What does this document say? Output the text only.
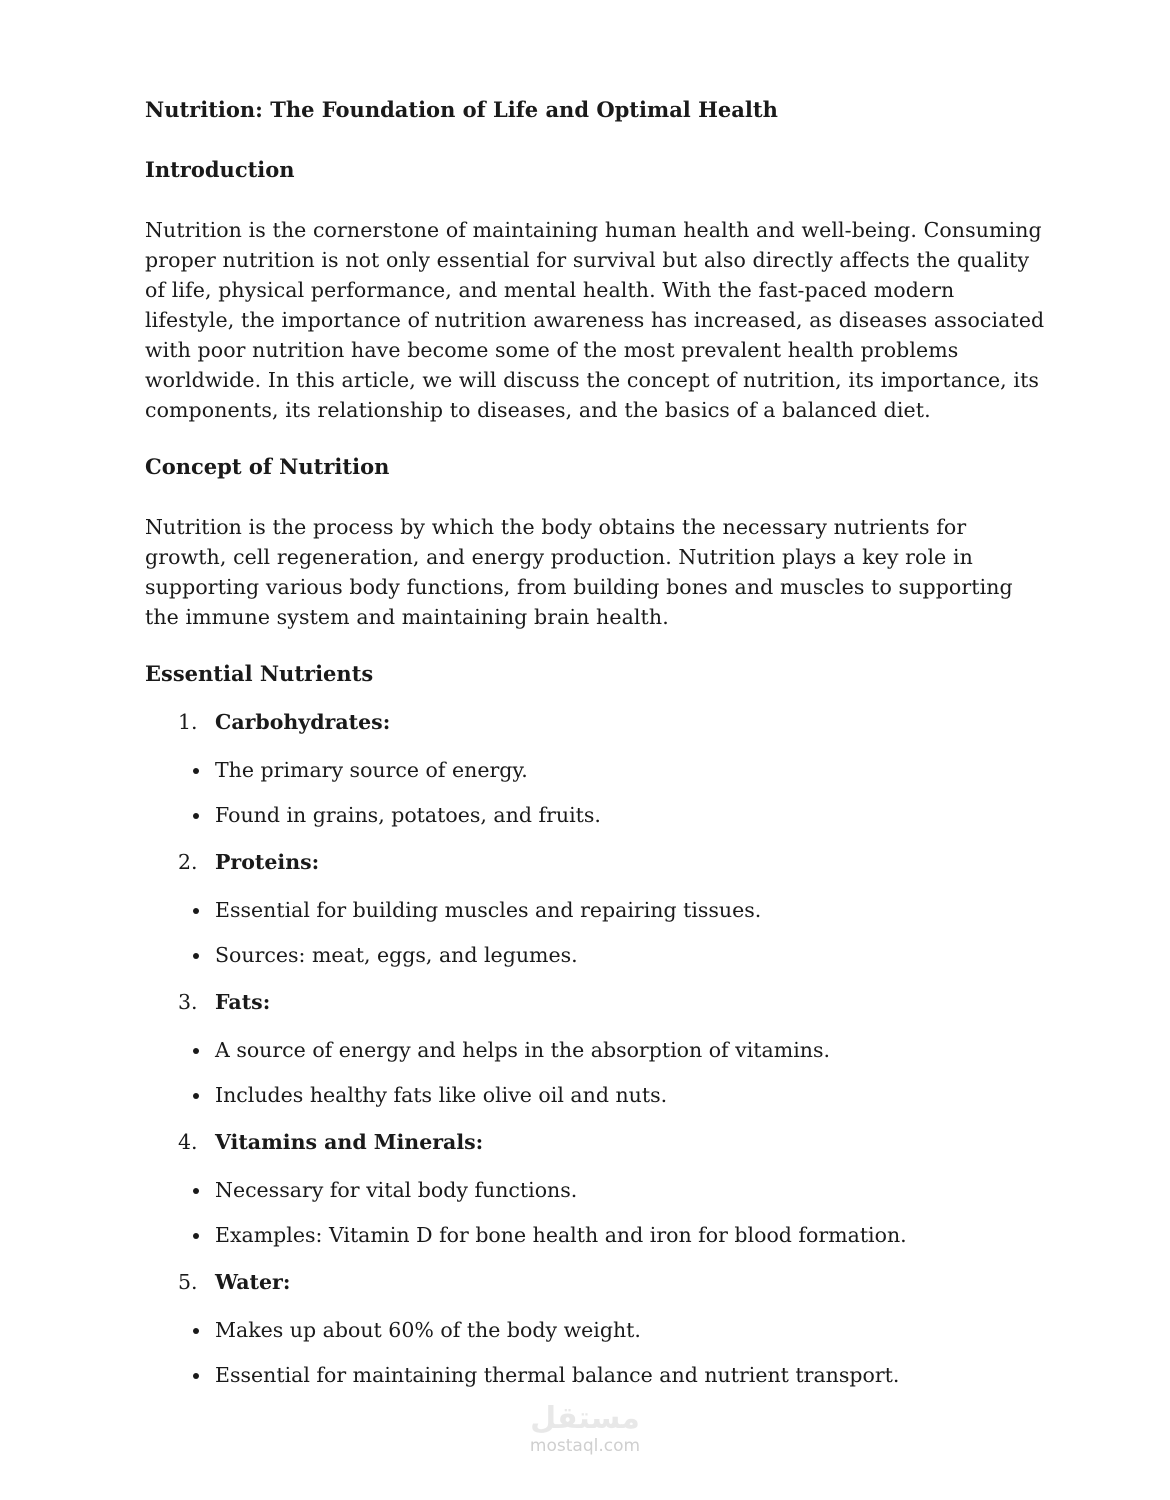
Nutrition: The Foundation of Life and Optimal Health
Introduction

Nutrition is the cornerstone of maintaining human health and well-being. Consuming proper nutrition is not only essential for survival but also directly affects the quality of life, physical performance, and mental health. With the fast-paced modern lifestyle, the importance of nutrition awareness has increased, as diseases associated with poor nutrition have become some of the most prevalent health problems worldwide. In this article, we will discuss the concept of nutrition, its importance, its components, its relationship to diseases, and the basics of a balanced diet.

Concept of Nutrition

Nutrition is the process by which the body obtains the necessary nutrients for growth, cell regeneration, and energy production. Nutrition plays a key role in supporting various body functions, from building bones and muscles to supporting the immune system and maintaining brain health.

Essential Nutrients
1. Carbohydrates:
The primary source of energy.
Found in grains, potatoes, and fruits.
2. Proteins:
Essential for building muscles and repairing tissues.
Sources: meat, eggs, and legumes.
3. Fats:
A source of energy and helps in the absorption of vitamins.
Includes healthy fats like olive oil and nuts.
4. Vitamins and Minerals:
Necessary for vital body functions.
Examples: Vitamin D for bone health and iron for blood formation.
5. Water:
Makes up about 60% of the body weight.
Essential for maintaining thermal balance and nutrient transport.
مستقل
mostaql.com
